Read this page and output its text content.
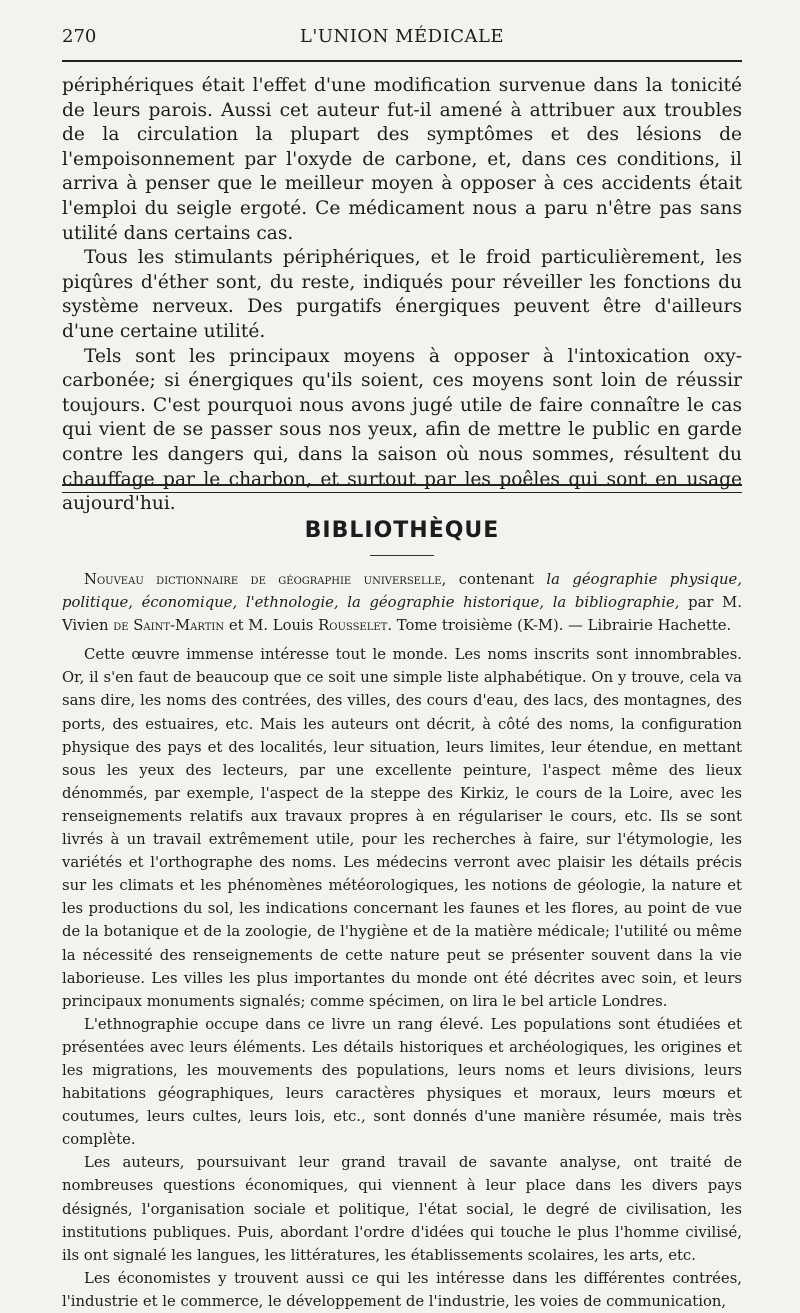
270	L'UNION MÉDICALE

périphériques était l'effet d'une modification survenue dans la tonicité de leurs parois. Aussi cet auteur fut-il amené à attribuer aux troubles de la circulation la plupart des symptômes et des lésions de l'empoisonnement par l'oxyde de carbone, et, dans ces conditions, il arriva à penser que le meilleur moyen à opposer à ces accidents était l'emploi du seigle ergoté. Ce médicament nous a paru n'être pas sans utilité dans certains cas.

Tous les stimulants périphériques, et le froid particulièrement, les piqûres d'éther sont, du reste, indiqués pour réveiller les fonctions du système nerveux. Des purgatifs énergiques peuvent être d'ailleurs d'une certaine utilité.

Tels sont les principaux moyens à opposer à l'intoxication oxy-carbonée; si énergiques qu'ils soient, ces moyens sont loin de réussir toujours. C'est pourquoi nous avons jugé utile de faire connaître le cas qui vient de se passer sous nos yeux, afin de mettre le public en garde contre les dangers qui, dans la saison où nous sommes, résultent du chauffage par le charbon, et surtout par les poêles qui sont en usage aujourd'hui.

BIBLIOTHÈQUE

Nouveau dictionnaire de géographie universelle, contenant la géographie physique, politique, économique, l'ethnologie, la géographie historique, la bibliographie, par M. Vivien de Saint-Martin et M. Louis Rousselet. Tome troisième (K-M). — Librairie Hachette.

Cette œuvre immense intéresse tout le monde. Les noms inscrits sont innombrables. Or, il s'en faut de beaucoup que ce soit une simple liste alphabétique. On y trouve, cela va sans dire, les noms des contrées, des villes, des cours d'eau, des lacs, des montagnes, des ports, des estuaires, etc. Mais les auteurs ont décrit, à côté des noms, la configuration physique des pays et des localités, leur situation, leurs limites, leur étendue, en mettant sous les yeux des lecteurs, par une excellente peinture, l'aspect même des lieux dénommés, par exemple, l'aspect de la steppe des Kirkiz, le cours de la Loire, avec les renseignements relatifs aux travaux propres à en régulariser le cours, etc. Ils se sont livrés à un travail extrêmement utile, pour les recherches à faire, sur l'étymologie, les variétés et l'orthographe des noms. Les médecins verront avec plaisir les détails précis sur les climats et les phénomènes météorologiques, les notions de géologie, la nature et les productions du sol, les indications concernant les faunes et les flores, au point de vue de la botanique et de la zoologie, de l'hygiène et de la matière médicale; l'utilité ou même la nécessité des renseignements de cette nature peut se présenter souvent dans la vie laborieuse. Les villes les plus importantes du monde ont été décrites avec soin, et leurs principaux monuments signalés; comme spécimen, on lira le bel article Londres.

L'ethnographie occupe dans ce livre un rang élevé. Les populations sont étudiées et présentées avec leurs éléments. Les détails historiques et archéologiques, les origines et les migrations, les mouvements des populations, leurs noms et leurs divisions, leurs habitations géographiques, leurs caractères physiques et moraux, leurs mœurs et coutumes, leurs cultes, leurs lois, etc., sont donnés d'une manière résumée, mais très complète.

Les auteurs, poursuivant leur grand travail de savante analyse, ont traité de nombreuses questions économiques, qui viennent à leur place dans les divers pays désignés, l'organisation sociale et politique, l'état social, le degré de civilisation, les institutions publiques. Puis, abordant l'ordre d'idées qui touche le plus l'homme civilisé, ils ont signalé les langues, les littératures, les établissements scolaires, les arts, etc.

Les économistes y trouvent aussi ce qui les intéresse dans les différentes contrées, l'industrie et le commerce, le développement de l'industrie, les voies de communication,
